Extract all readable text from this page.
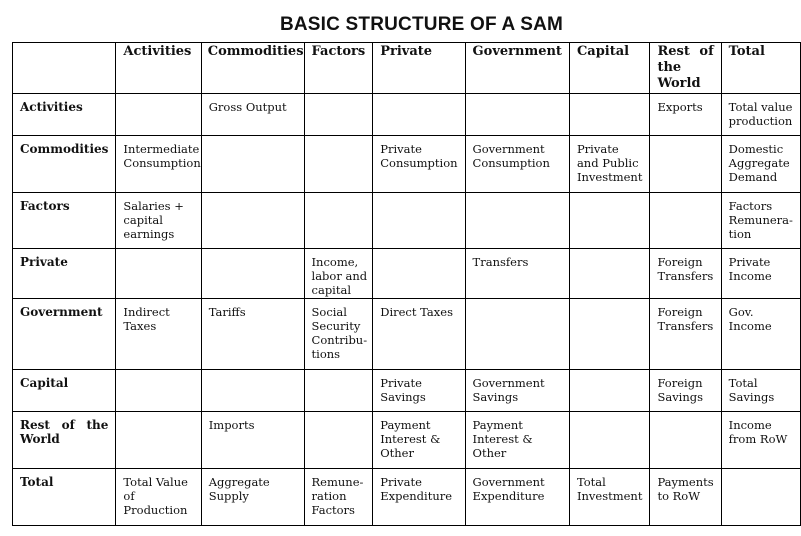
BASIC STRUCTURE OF A SAM
	Activities	Commodities	Factors	Private	Government	Capital	Rest of the World	Total
Activities		Gross Output					Exports	Total value production
Commodities	Intermediate Consumption			Private Consumption	Government Consumption	Private and Public Investment		Domestic Aggregate Demand
Factors	Salaries + capital earnings							Factors Remunera-tion
Private			Income, labor and capital		Transfers		Foreign Transfers	Private Income
Government	Indirect Taxes	Tariffs	Social Security Contribu-tions	Direct Taxes			Foreign Transfers	Gov. Income
Capital				Private Savings	Government Savings		Foreign Savings	Total Savings
Rest of the World		Imports		Payment Interest & Other	Payment Interest & Other			Income from RoW
Total	Total Value of Production	Aggregate Supply	Remune-ration Factors	Private Expenditure	Government Expenditure	Total Investment	Payments to RoW	
